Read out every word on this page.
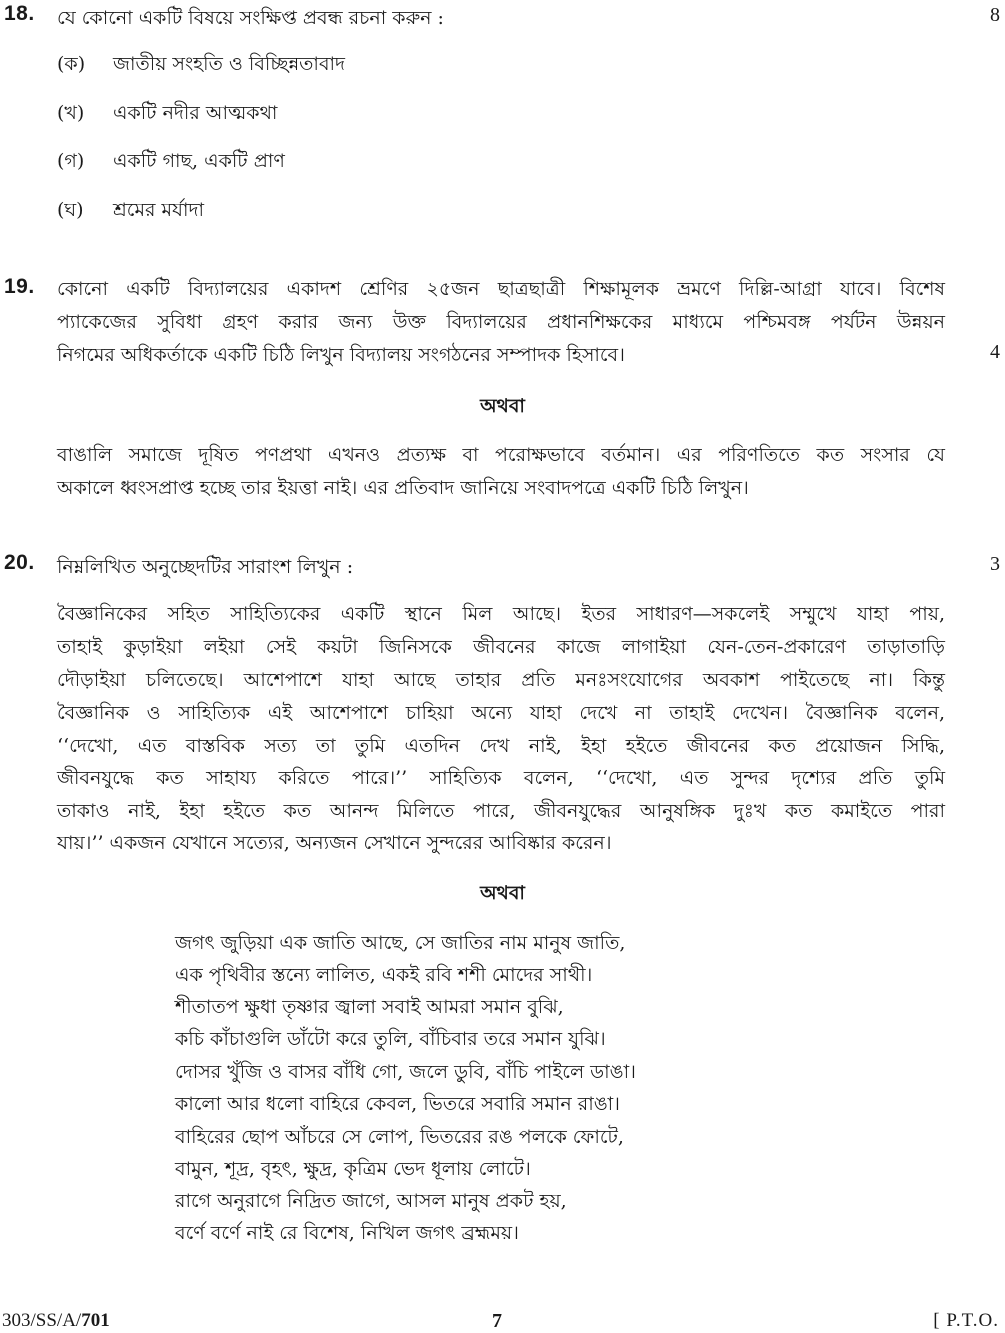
18. যে কোনো একটি বিষয়ে সংক্ষিপ্ত প্রবন্ধ রচনা করুন :	8
(ক) জাতীয় সংহতি ও বিচ্ছিন্নতাবাদ
(খ) একটি নদীর আত্মকথা
(গ) একটি গাছ, একটি প্রাণ
(ঘ) শ্রমের মর্যাদা
19. কোনো একটি বিদ্যালয়ের একাদশ শ্রেণির ২৫জন ছাত্রছাত্রী শিক্ষামূলক ভ্রমণে দিল্লি-আগ্রা যাবে। বিশেষ
প্যাকেজের সুবিধা গ্রহণ করার জন্য উক্ত বিদ্যালয়ের প্রধানশিক্ষকের মাধ্যমে পশ্চিমবঙ্গ পর্যটন উন্নয়ন
নিগমের অধিকর্তাকে একটি চিঠি লিখুন বিদ্যালয় সংগঠনের সম্পাদক হিসাবে।	4
অথবা
বাঙালি সমাজে দূষিত পণপ্রথা এখনও প্রত্যক্ষ বা পরোক্ষভাবে বর্তমান। এর পরিণতিতে কত সংসার যে
অকালে ধ্বংসপ্রাপ্ত হচ্ছে তার ইয়ত্তা নাই। এর প্রতিবাদ জানিয়ে সংবাদপত্রে একটি চিঠি লিখুন।
20. নিম্নলিখিত অনুচ্ছেদটির সারাংশ লিখুন :	3
বৈজ্ঞানিকের সহিত সাহিত্যিকের একটি স্থানে মিল আছে। ইতর সাধারণ—সকলেই সম্মুখে যাহা পায়,
তাহাই কুড়াইয়া লইয়া সেই কয়টা জিনিসকে জীবনের কাজে লাগাইয়া যেন-তেন-প্রকারেণ তাড়াতাড়ি
দৌড়াইয়া চলিতেছে। আশেপাশে যাহা আছে তাহার প্রতি মনঃসংযোগের অবকাশ পাইতেছে না। কিন্তু
বৈজ্ঞানিক ও সাহিত্যিক এই আশেপাশে চাহিয়া অন্যে যাহা দেখে না তাহাই দেখেন। বৈজ্ঞানিক বলেন,
‘‘দেখো, এত বাস্তবিক সত্য তা তুমি এতদিন দেখ নাই, ইহা হইতে জীবনের কত প্রয়োজন সিদ্ধি,
জীবনযুদ্ধে কত সাহায্য করিতে পারে।’’ সাহিত্যিক বলেন, ‘‘দেখো, এত সুন্দর দৃশ্যের প্রতি তুমি
তাকাও নাই, ইহা হইতে কত আনন্দ মিলিতে পারে, জীবনযুদ্ধের আনুষঙ্গিক দুঃখ কত কমাইতে পারা
যায়।’’ একজন যেখানে সত্যের, অন্যজন সেখানে সুন্দরের আবিষ্কার করেন।
অথবা
জগৎ জুড়িয়া এক জাতি আছে, সে জাতির নাম মানুষ জাতি,
এক পৃথিবীর স্তন্যে লালিত, একই রবি শশী মোদের সাথী।
শীতাতপ ক্ষুধা তৃষ্ণার জ্বালা সবাই আমরা সমান বুঝি,
কচি কাঁচাগুলি ডাঁটো করে তুলি, বাঁচিবার তরে সমান যুঝি।
দোসর খুঁজি ও বাসর বাঁধি গো, জলে ডুবি, বাঁচি পাইলে ডাঙা।
কালো আর ধলো বাহিরে কেবল, ভিতরে সবারি সমান রাঙা।
বাহিরের ছোপ আঁচরে সে লোপ, ভিতরের রঙ পলকে ফোটে,
বামুন, শূদ্র, বৃহৎ, ক্ষুদ্র, কৃত্রিম ভেদ ধূলায় লোটে।
রাগে অনুরাগে নিদ্রিত জাগে, আসল মানুষ প্রকট হয়,
বর্ণে বর্ণে নাই রে বিশেষ, নিখিল জগৎ ব্রহ্মময়।
303/SS/A/701	7	[ P.T.O.
